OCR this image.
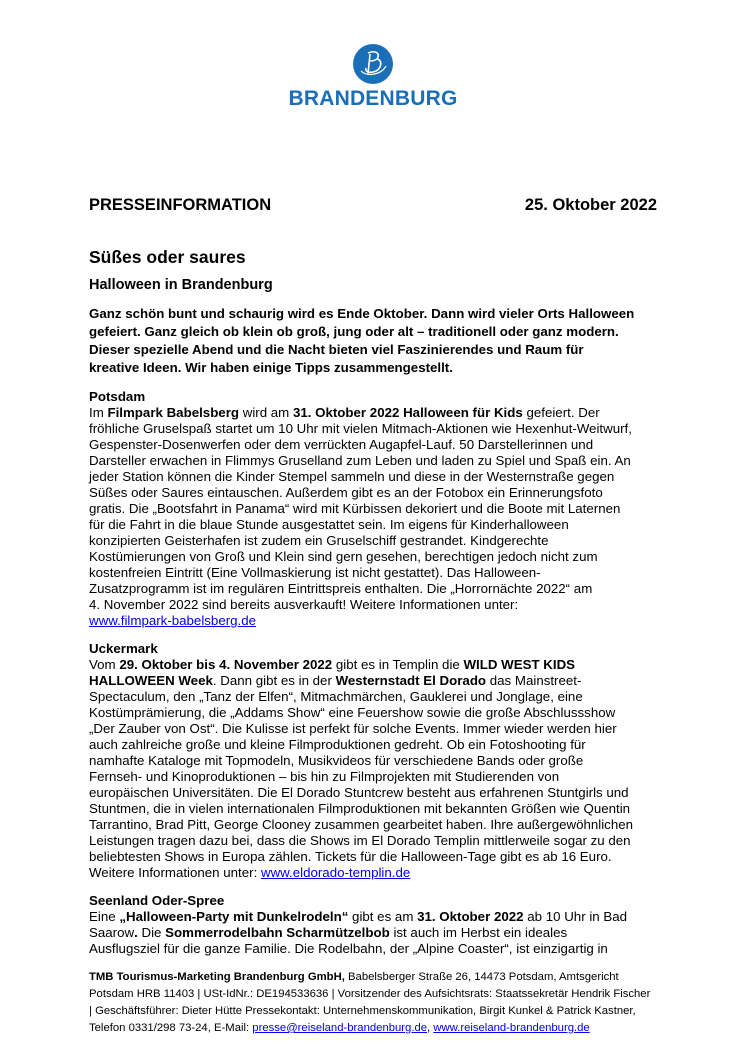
BRANDENBURG
PRESSEINFORMATION	25. Oktober 2022
Süßes oder saures
Halloween in Brandenburg
Ganz schön bunt und schaurig wird es Ende Oktober. Dann wird vieler Orts Halloween
gefeiert. Ganz gleich ob klein ob groß, jung oder alt – traditionell oder ganz modern.
Dieser spezielle Abend und die Nacht bieten viel Faszinierendes und Raum für
kreative Ideen. Wir haben einige Tipps zusammengestellt.
Potsdam
Im Filmpark Babelsberg wird am 31. Oktober 2022 Halloween für Kids gefeiert. Der
fröhliche Gruselspaß startet um 10 Uhr mit vielen Mitmach-Aktionen wie Hexenhut-Weitwurf,
Gespenster-Dosenwerfen oder dem verrückten Augapfel-Lauf. 50 Darstellerinnen und
Darsteller erwachen in Flimmys Gruselland zum Leben und laden zu Spiel und Spaß ein. An
jeder Station können die Kinder Stempel sammeln und diese in der Westernstraße gegen
Süßes oder Saures eintauschen. Außerdem gibt es an der Fotobox ein Erinnerungsfoto
gratis. Die „Bootsfahrt in Panama“ wird mit Kürbissen dekoriert und die Boote mit Laternen
für die Fahrt in die blaue Stunde ausgestattet sein. Im eigens für Kinderhalloween
konzipierten Geisterhafen ist zudem ein Gruselschiff gestrandet. Kindgerechte
Kostümierungen von Groß und Klein sind gern gesehen, berechtigen jedoch nicht zum
kostenfreien Eintritt (Eine Vollmaskierung ist nicht gestattet). Das Halloween-
Zusatzprogramm ist im regulären Eintrittspreis enthalten. Die „Horrornächte 2022“ am
4. November 2022 sind bereits ausverkauft! Weitere Informationen unter:
www.filmpark-babelsberg.de
Uckermark
Vom 29. Oktober bis 4. November 2022 gibt es in Templin die WILD WEST KIDS
HALLOWEEN Week. Dann gibt es in der Westernstadt El Dorado das Mainstreet-
Spectaculum, den „Tanz der Elfen“, Mitmachmärchen, Gauklerei und Jonglage, eine
Kostümprämierung, die „Addams Show“ eine Feuershow sowie die große Abschlussshow
„Der Zauber von Ost“. Die Kulisse ist perfekt für solche Events. Immer wieder werden hier
auch zahlreiche große und kleine Filmproduktionen gedreht. Ob ein Fotoshooting für
namhafte Kataloge mit Topmodeln, Musikvideos für verschiedene Bands oder große
Fernseh- und Kinoproduktionen – bis hin zu Filmprojekten mit Studierenden von
europäischen Universitäten. Die El Dorado Stuntcrew besteht aus erfahrenen Stuntgirls und
Stuntmen, die in vielen internationalen Filmproduktionen mit bekannten Größen wie Quentin
Tarrantino, Brad Pitt, George Clooney zusammen gearbeitet haben. Ihre außergewöhnlichen
Leistungen tragen dazu bei, dass die Shows im El Dorado Templin mittlerweile sogar zu den
beliebtesten Shows in Europa zählen. Tickets für die Halloween-Tage gibt es ab 16 Euro.
Weitere Informationen unter: www.eldorado-templin.de
Seenland Oder-Spree
Eine „Halloween-Party mit Dunkelrodeln“ gibt es am 31. Oktober 2022 ab 10 Uhr in Bad
Saarow. Die Sommerrodelbahn Scharmützelbob ist auch im Herbst ein ideales
Ausflugsziel für die ganze Familie. Die Rodelbahn, der „Alpine Coaster“, ist einzigartig in
TMB Tourismus-Marketing Brandenburg GmbH, Babelsberger Straße 26, 14473 Potsdam, Amtsgericht
Potsdam HRB 11403 | USt-IdNr.: DE194533636 | Vorsitzender des Aufsichtsrats: Staatssekretär Hendrik Fischer
| Geschäftsführer: Dieter Hütte Pressekontakt: Unternehmenskommunikation, Birgit Kunkel & Patrick Kastner,
Telefon 0331/298 73-24, E-Mail: presse@reiseland-brandenburg.de, www.reiseland-brandenburg.de
